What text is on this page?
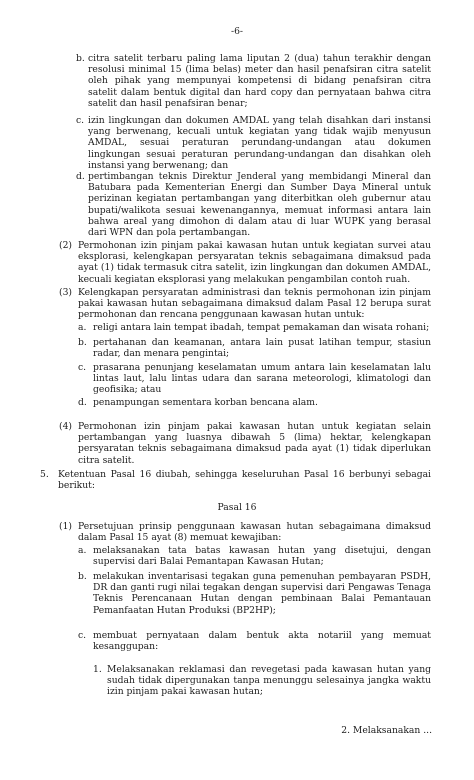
-6-
b. citra satelit terbaru paling lama liputan 2 (dua) tahun terakhir dengan resolusi minimal 15 (lima belas) meter dan hasil penafsiran citra satelit oleh pihak yang mempunyai kompetensi di bidang penafsiran citra satelit dalam bentuk digital dan hard copy dan pernyataan bahwa citra satelit dan hasil penafsiran benar;
c. izin lingkungan dan dokumen AMDAL yang telah disahkan dari instansi yang berwenang, kecuali untuk kegiatan yang tidak wajib menyusun AMDAL, sesuai peraturan perundang-undangan atau dokumen lingkungan sesuai peraturan perundang-undangan dan disahkan oleh instansi yang berwenang; dan
d. pertimbangan teknis Direktur Jenderal yang membidangi Mineral dan Batubara pada Kementerian Energi dan Sumber Daya Mineral untuk perizinan kegiatan pertambangan yang diterbitkan oleh gubernur atau bupati/walikota sesuai kewenangannya, memuat informasi antara lain bahwa areal yang dimohon di dalam atau di luar WUPK yang berasal dari WPN dan pola pertambangan.
(2) Permohonan izin pinjam pakai kawasan hutan untuk kegiatan survei atau eksplorasi, kelengkapan persyaratan teknis sebagaimana dimaksud pada ayat (1) tidak termasuk citra satelit, izin lingkungan dan dokumen AMDAL, kecuali kegiatan eksplorasi yang melakukan pengambilan contoh ruah.
(3) Kelengkapan persyaratan administrasi dan teknis permohonan izin pinjam pakai kawasan hutan sebagaimana dimaksud dalam Pasal 12 berupa surat permohonan dan rencana penggunaan kawasan hutan untuk:
a. religi antara lain tempat ibadah, tempat pemakaman dan wisata rohani;
b. pertahanan dan keamanan, antara lain pusat latihan tempur, stasiun radar, dan menara pengintai;
c. prasarana penunjang keselamatan umum antara lain keselamatan lalu lintas laut, lalu lintas udara dan sarana meteorologi, klimatologi dan geofisika; atau
d. penampungan sementara korban bencana alam.
(4) Permohonan izin pinjam pakai kawasan hutan untuk kegiatan selain pertambangan yang luasnya dibawah 5 (lima) hektar, kelengkapan persyaratan teknis sebagaimana dimaksud pada ayat (1) tidak diperlukan citra satelit.
5. Ketentuan Pasal 16 diubah, sehingga keseluruhan Pasal 16 berbunyi sebagai berikut:
Pasal 16
(1) Persetujuan prinsip penggunaan kawasan hutan sebagaimana dimaksud dalam Pasal 15 ayat (8) memuat kewajiban:
a. melaksanakan tata batas kawasan hutan yang disetujui, dengan supervisi dari Balai Pemantapan Kawasan Hutan;
b. melakukan inventarisasi tegakan guna pemenuhan pembayaran PSDH, DR dan ganti rugi nilai tegakan dengan supervisi dari Pengawas Tenaga Teknis Perencanaan Hutan dengan pembinaan Balai Pemantauan Pemanfaatan Hutan Produksi (BP2HP);
c. membuat pernyataan dalam bentuk akta notariil yang memuat kesanggupan:
1. Melaksanakan reklamasi dan revegetasi pada kawasan hutan yang sudah tidak dipergunakan tanpa menunggu selesainya jangka waktu izin pinjam pakai kawasan hutan;
2. Melaksanakan ...
